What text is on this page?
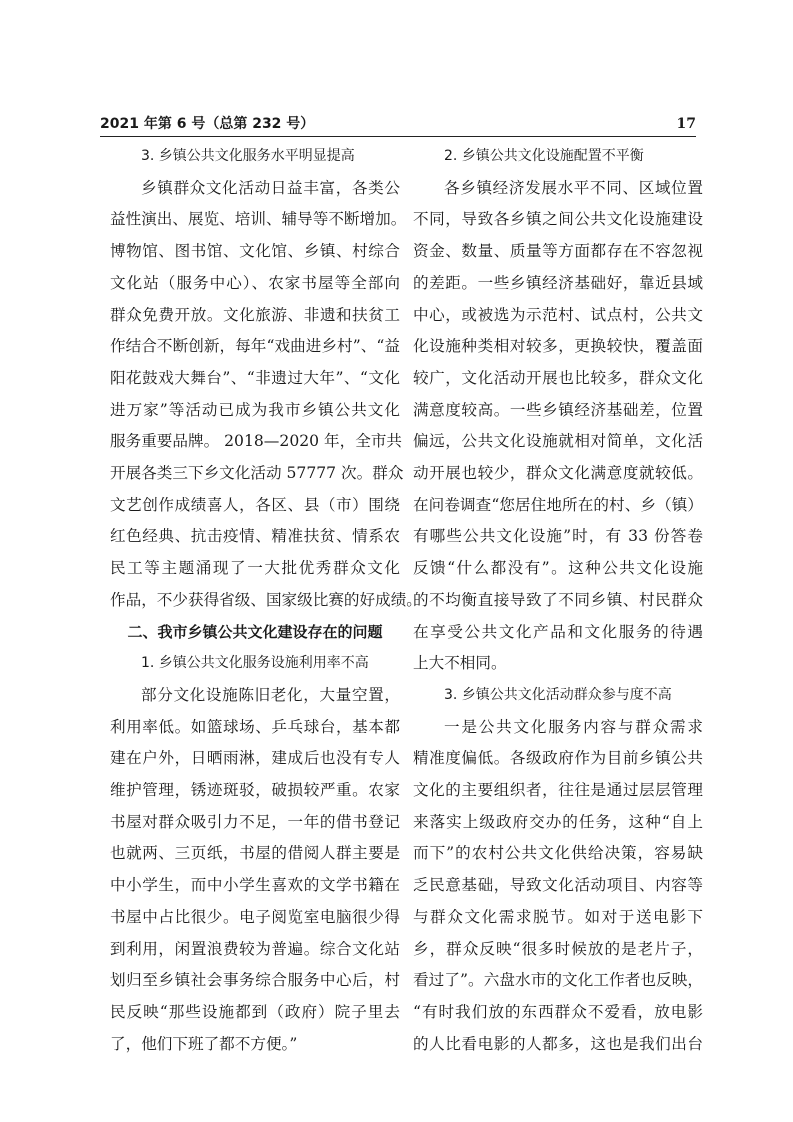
2021 年第 6 号（总第 232 号）	17
3. 乡镇公共文化服务水平明显提高
乡镇群众文化活动日益丰富，各类公
益性演出、展览、培训、辅导等不断增加。
博物馆、图书馆、文化馆、乡镇、村综合
文化站（服务中心）、农家书屋等全部向
群众免费开放。文化旅游、非遗和扶贫工
作结合不断创新，每年“戏曲进乡村”、“益
阳花鼓戏大舞台”、“非遗过大年”、“文化
进万家”等活动已成为我市乡镇公共文化
服务重要品牌。 2018—2020 年，全市共
开展各类三下乡文化活动 57777 次。群众
文艺创作成绩喜人，各区、县（市）围绕
红色经典、抗击疫情、精准扶贫、情系农
民工等主题涌现了一大批优秀群众文化
作品，不少获得省级、国家级比赛的好成绩。
二、我市乡镇公共文化建设存在的问题
1. 乡镇公共文化服务设施利用率不高
部分文化设施陈旧老化，大量空置，
利用率低。如篮球场、乒乓球台，基本都
建在户外，日晒雨淋，建成后也没有专人
维护管理，锈迹斑驳，破损较严重。农家
书屋对群众吸引力不足，一年的借书登记
也就两、三页纸，书屋的借阅人群主要是
中小学生，而中小学生喜欢的文学书籍在
书屋中占比很少。电子阅览室电脑很少得
到利用，闲置浪费较为普遍。综合文化站
划归至乡镇社会事务综合服务中心后，村
民反映“那些设施都到（政府）院子里去
了，他们下班了都不方便。”
2. 乡镇公共文化设施配置不平衡
各乡镇经济发展水平不同、区域位置
不同，导致各乡镇之间公共文化设施建设
资金、数量、质量等方面都存在不容忽视
的差距。一些乡镇经济基础好，靠近县域
中心，或被选为示范村、试点村，公共文
化设施种类相对较多，更换较快，覆盖面
较广，文化活动开展也比较多，群众文化
满意度较高。一些乡镇经济基础差，位置
偏远，公共文化设施就相对简单，文化活
动开展也较少，群众文化满意度就较低。
在问卷调查“您居住地所在的村、乡（镇）
有哪些公共文化设施”时，有 33 份答卷
反馈“什么都没有”。这种公共文化设施
的不均衡直接导致了不同乡镇、村民群众
在享受公共文化产品和文化服务的待遇
上大不相同。
3. 乡镇公共文化活动群众参与度不高
一是公共文化服务内容与群众需求
精准度偏低。各级政府作为目前乡镇公共
文化的主要组织者，往往是通过层层管理
来落实上级政府交办的任务，这种“自上
而下”的农村公共文化供给决策，容易缺
乏民意基础，导致文化活动项目、内容等
与群众文化需求脱节。如对于送电影下
乡，群众反映“很多时候放的是老片子，
看过了”。六盘水市的文化工作者也反映，
“有时我们放的东西群众不爱看，放电影
的人比看电影的人都多，这也是我们出台
